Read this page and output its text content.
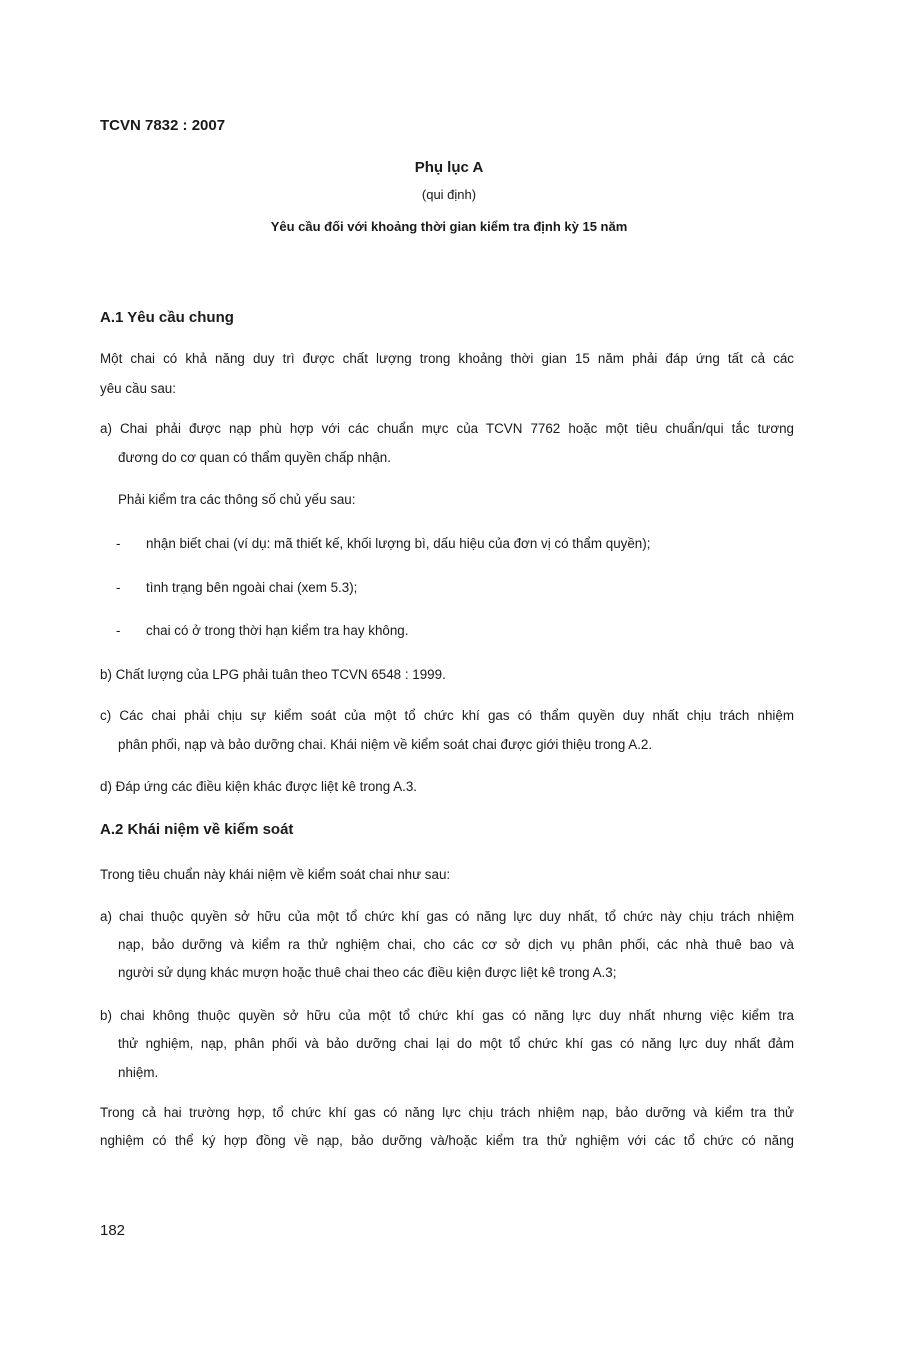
TCVN 7832 : 2007
Phụ lục A
(qui định)
Yêu cầu đối với khoảng thời gian kiểm tra định kỳ 15 năm
A.1 Yêu cầu chung
Một chai có khả năng duy trì được chất lượng trong khoảng thời gian 15 năm phải đáp ứng tất cả các
yêu cầu sau:
a) Chai phải được nạp phù hợp với các chuẩn mực của TCVN 7762 hoặc một tiêu chuẩn/qui tắc tương
đương do cơ quan có thẩm quyền chấp nhận.
Phải kiểm tra các thông số chủ yếu sau:
- nhận biết chai (ví dụ: mã thiết kế, khối lượng bì, dấu hiệu của đơn vị có thẩm quyền);
- tình trạng bên ngoài chai (xem 5.3);
- chai có ở trong thời hạn kiểm tra hay không.
b) Chất lượng của LPG phải tuân theo TCVN 6548 : 1999.
c) Các chai phải chịu sự kiểm soát của một tổ chức khí gas có thẩm quyền duy nhất chịu trách nhiệm
phân phối, nạp và bảo dưỡng chai. Khái niệm về kiểm soát chai được giới thiệu trong A.2.
d) Đáp ứng các điều kiện khác được liệt kê trong A.3.
A.2 Khái niệm về kiểm soát
Trong tiêu chuẩn này khái niệm về kiểm soát chai như sau:
a) chai thuộc quyền sở hữu của một tổ chức khí gas có năng lực duy nhất, tổ chức này chịu trách nhiệm
nạp, bảo dưỡng và kiểm ra thử nghiệm chai, cho các cơ sở dịch vụ phân phối, các nhà thuê bao và
người sử dụng khác mượn hoặc thuê chai theo các điều kiện được liệt kê trong A.3;
b) chai không thuộc quyền sở hữu của một tổ chức khí gas có năng lực duy nhất nhưng việc kiểm tra
thử nghiệm, nạp, phân phối và bảo dưỡng chai lại do một tổ chức khí gas có năng lực duy nhất đảm
nhiệm.
Trong cả hai trường hợp, tổ chức khí gas có năng lực chịu trách nhiệm nạp, bảo dưỡng và kiểm tra thử
nghiệm có thể ký hợp đồng về nạp, bảo dưỡng và/hoặc kiểm tra thử nghiệm với các tổ chức có năng
182
